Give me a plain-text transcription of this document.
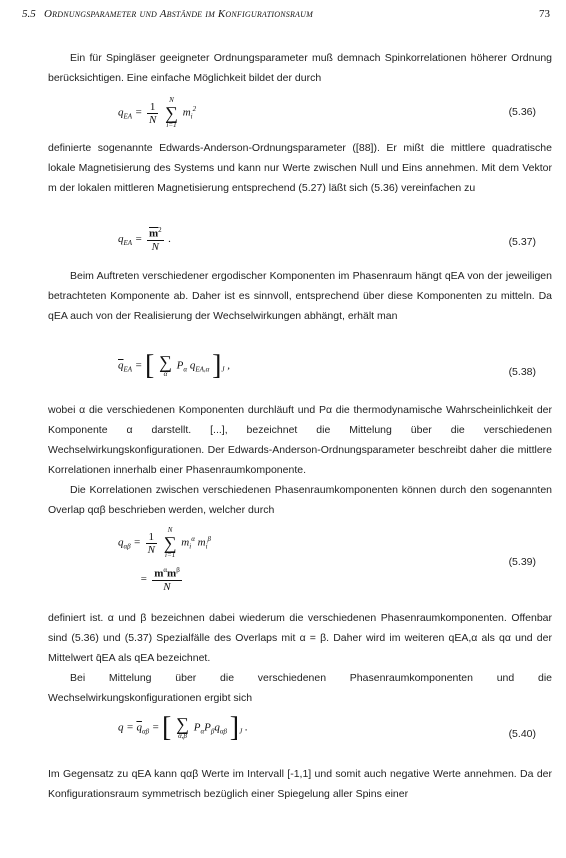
5.5 Ordnungsparameter und Abstände im Konfigurationsraum	73
Ein für Spingläser geeigneter Ordnungsparameter muß demnach Spinkorrelationen höherer Ordnung berücksichtigen. Eine einfache Möglichkeit bildet der durch
$q_{EA} = \frac{1}{N}$

N
∑
i=1
$m_i^2$	(5.36)
definierte sogenannte Edwards-Anderson-Ordnungsparameter ([88]). Er mißt die mittlere quadratische lokale Magnetisierung des Systems und kann nur Werte zwischen Null und Eins annehmen. Mit dem Vektor m der lokalen mittleren Magnetisierung entsprechend (5.27) läßt sich (5.36) vereinfachen zu
$q_{EA} = \frac{\overline{m}^2}{N}$ .	(5.37)
Beim Auftreten verschiedener ergodischer Komponenten im Phasenraum hängt qEA von der jeweiligen betrachteten Komponente ab. Daher ist es sinnvoll, entsprechend über diese Komponenten zu mitteln. Da qEA auch von der Realisierung der Wechselwirkungen abhängt, erhält man
$\overline{q}_{EA}$ = [ ∑
α
$P_\alpha$ $q_{EA,\alpha}$ ]$_J$ ,
(5.38)
wobei α die verschiedenen Komponenten durchläuft und Pα die thermodynamische Wahrscheinlichkeit der Komponente α darstellt. [...], bezeichnet die Mittelung über die verschiedenen Wechselwirkungskonfigurationen. Der Edwards-Anderson-Ordnungsparameter beschreibt daher die mittlere Korrelationen innerhalb einer Phasenraumkomponente.
Die Korrelationen zwischen verschiedenen Phasenraumkomponenten können durch den sogenannten Overlap qαβ beschrieben werden, welcher durch
$q_{\alpha\beta} = \frac{1}{N}$

N
∑
i=1
$m_i^\alpha$ $m_i^\beta$
= $\frac{m^\alpha m^\beta}{N}$
(5.39)
definiert ist. α und β bezeichnen dabei wiederum die verschiedenen Phasenraumkomponenten. Offenbar sind (5.36) und (5.37) Spezialfälle des Overlaps mit α = β. Daher wird im weiteren qEA,α als qα und der Mittelwert q̄EA als qEA bezeichnet.
Bei Mittelung über die verschiedenen Phasenraumkomponenten und die Wechselwirkungskonfigurationen ergibt sich
$q = \overline{q}_{\alpha\beta}$ = [ ∑
α,β
$P_\alpha P_\beta q_{\alpha\beta}$ ]$_J$ .
(5.40)
Im Gegensatz zu qEA kann qαβ Werte im Intervall [-1,1] und somit auch negative Werte annehmen. Da der Konfigurationsraum symmetrisch bezüglich einer Spiegelung aller Spins einer
